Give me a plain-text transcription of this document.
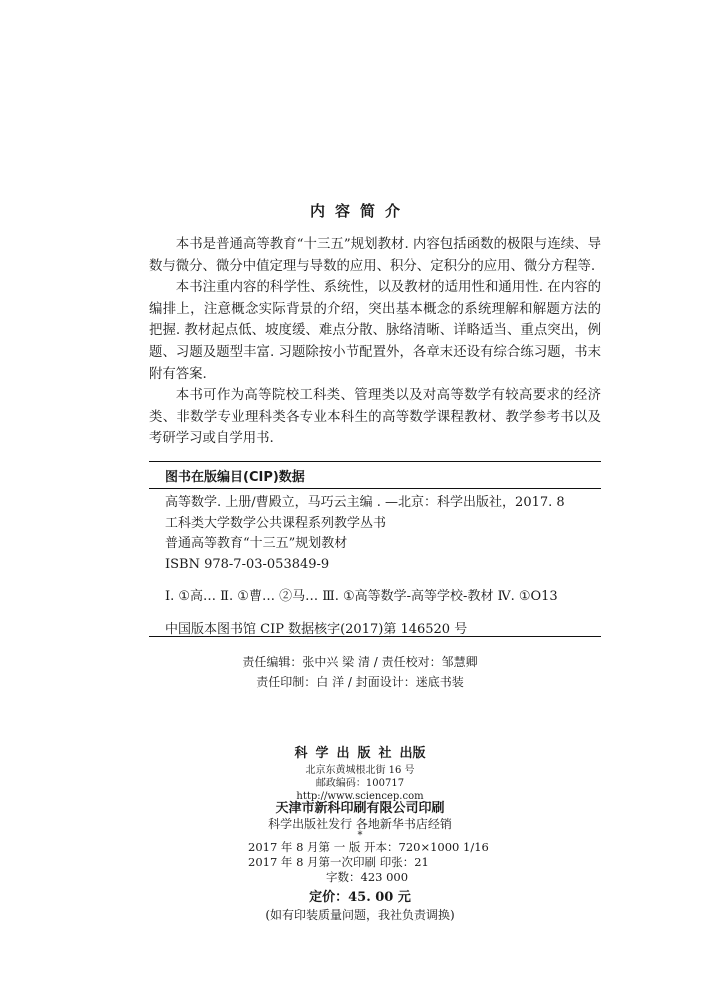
内容简介

本书是普通高等教育“十三五”规划教材. 内容包括函数的极限与连续、导数与微分、微分中值定理与导数的应用、积分、定积分的应用、微分方程等.

本书注重内容的科学性、系统性，以及教材的适用性和通用性. 在内容的编排上，注意概念实际背景的介绍，突出基本概念的系统理解和解题方法的把握. 教材起点低、坡度缓、难点分散、脉络清晰、详略适当、重点突出，例题、习题及题型丰富. 习题除按小节配置外，各章末还设有综合练习题，书末附有答案.

本书可作为高等院校工科类、管理类以及对高等数学有较高要求的经济类、非数学专业理科类各专业本科生的高等数学课程教材、教学参考书以及考研学习或自学用书.

图书在版编目(CIP)数据
高等数学. 上册/曹殿立，马巧云主编 . —北京：科学出版社，2017. 8
工科类大学数学公共课程系列教学丛书
普通高等教育“十三五”规划教材
ISBN 978-7-03-053849-9
Ⅰ. ①高… Ⅱ. ①曹… ②马… Ⅲ. ①高等数学-高等学校-教材 Ⅳ. ①O13
中国版本图书馆 CIP 数据核字(2017)第 146520 号
责任编辑：张中兴 梁 清 / 责任校对：邹慧卿
责任印制：白 洋 / 封面设计：迷底书装
科学出版社出版
北京东黄城根北街 16 号
邮政编码：100717
http://www.sciencep.com
天津市新科印刷有限公司印刷
科学出版社发行 各地新华书店经销
*
2017 年 8 月第 一 版 开本：720×1000 1/16
2017 年 8 月第一次印刷 印张：21
字数：423 000
定价：45. 00 元
(如有印装质量问题，我社负责调换)
